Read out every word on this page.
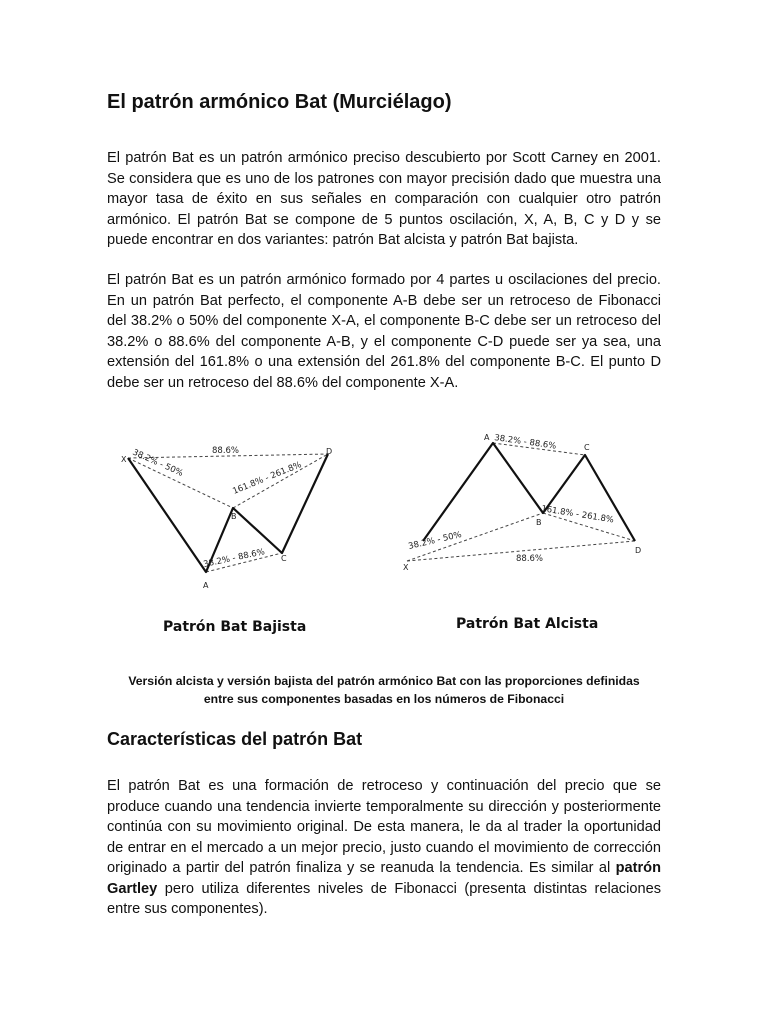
El patrón armónico Bat (Murciélago)

El patrón Bat es un patrón armónico preciso descubierto por Scott Carney en 2001. Se considera que es uno de los patrones con mayor precisión dado que muestra una mayor tasa de éxito en sus señales en comparación con cualquier otro patrón armónico. El patrón Bat se compone de 5 puntos oscilación, X, A, B, C y D y se puede encontrar en dos variantes: patrón Bat alcista y patrón Bat bajista.

El patrón Bat es un patrón armónico formado por 4 partes u oscilaciones del precio. En un patrón Bat perfecto, el componente A-B debe ser un retroceso de Fibonacci del 38.2% o 50% del componente X-A, el componente B-C debe ser un retroceso del 38.2% o 88.6% del componente A-B, y el componente C-D puede ser ya sea, una extensión del 161.8% o una extensión del 261.8% del componente B-C. El punto D debe ser un retroceso del 88.6% del componente X-A.

X
A
B
C
D
38.2% - 50%	88.6%
161.8% - 261.8%
38.2% - 88.6%
Patrón Bat Bajista
X
A
B
C
D
38.2% - 88.6%
161.8% - 261.8%
38.2% - 50%
88.6%
Patrón Bat Alcista
Versión alcista y versión bajista del patrón armónico Bat con las proporciones definidas
entre sus componentes basadas en los números de Fibonacci
Características del patrón Bat

El patrón Bat es una formación de retroceso y continuación del precio que se produce cuando una tendencia invierte temporalmente su dirección y posteriormente continúa con su movimiento original. De esta manera, le da al trader la oportunidad de entrar en el mercado a un mejor precio, justo cuando el movimiento de corrección originado a partir del patrón finaliza y se reanuda la tendencia. Es similar al patrón Gartley pero utiliza diferentes niveles de Fibonacci (presenta distintas relaciones entre sus componentes).
